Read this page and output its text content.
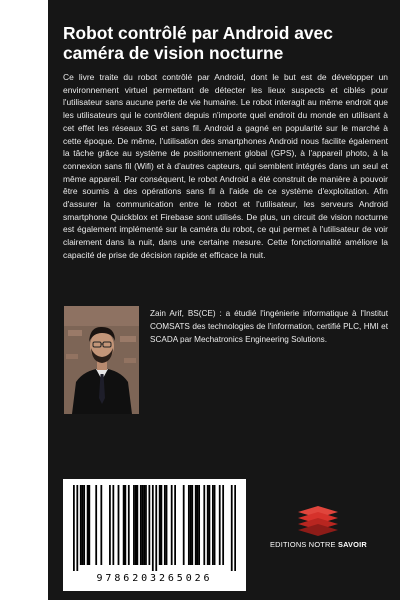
Robot contrôlé par Android avec caméra de vision nocturne

Ce livre traite du robot contrôlé par Android, dont le but est de développer un environnement virtuel permettant de détecter les lieux suspects et ciblés pour l'utilisateur sans aucune perte de vie humaine. Le robot interagit au même endroit que les utilisateurs qui le contrôlent depuis n'importe quel endroit du monde en utilisant à cet effet les réseaux 3G et sans fil. Android a gagné en popularité sur le marché à cette époque. De même, l'utilisation des smartphones Android nous facilite également la tâche grâce au système de positionnement global (GPS), à l'appareil photo, à la connexion sans fil (Wifi) et à d'autres capteurs, qui semblent intégrés dans un seul et même appareil. Par conséquent, le robot Android a été construit de manière à pouvoir être soumis à des opérations sans fil à l'aide de ce système d'exploitation. Afin d'assurer la communication entre le robot et l'utilisateur, les serveurs Android smartphone Quickblox et Firebase sont utilisés. De plus, un circuit de vision nocturne est également implémenté sur la caméra du robot, ce qui permet à l'utilisateur de voir clairement dans la nuit, dans une certaine mesure. Cette fonctionnalité améliore la capacité de prise de décision rapide et efficace la nuit.

Zain Arif, BS(CE) : a étudié l'ingénierie informatique à l'Institut COMSATS des technologies de l'information, certifié PLC, HMI et SCADA par Mechatronics Engineering Solutions.

9786203265026
EDITIONS NOTRE SAVOIR
